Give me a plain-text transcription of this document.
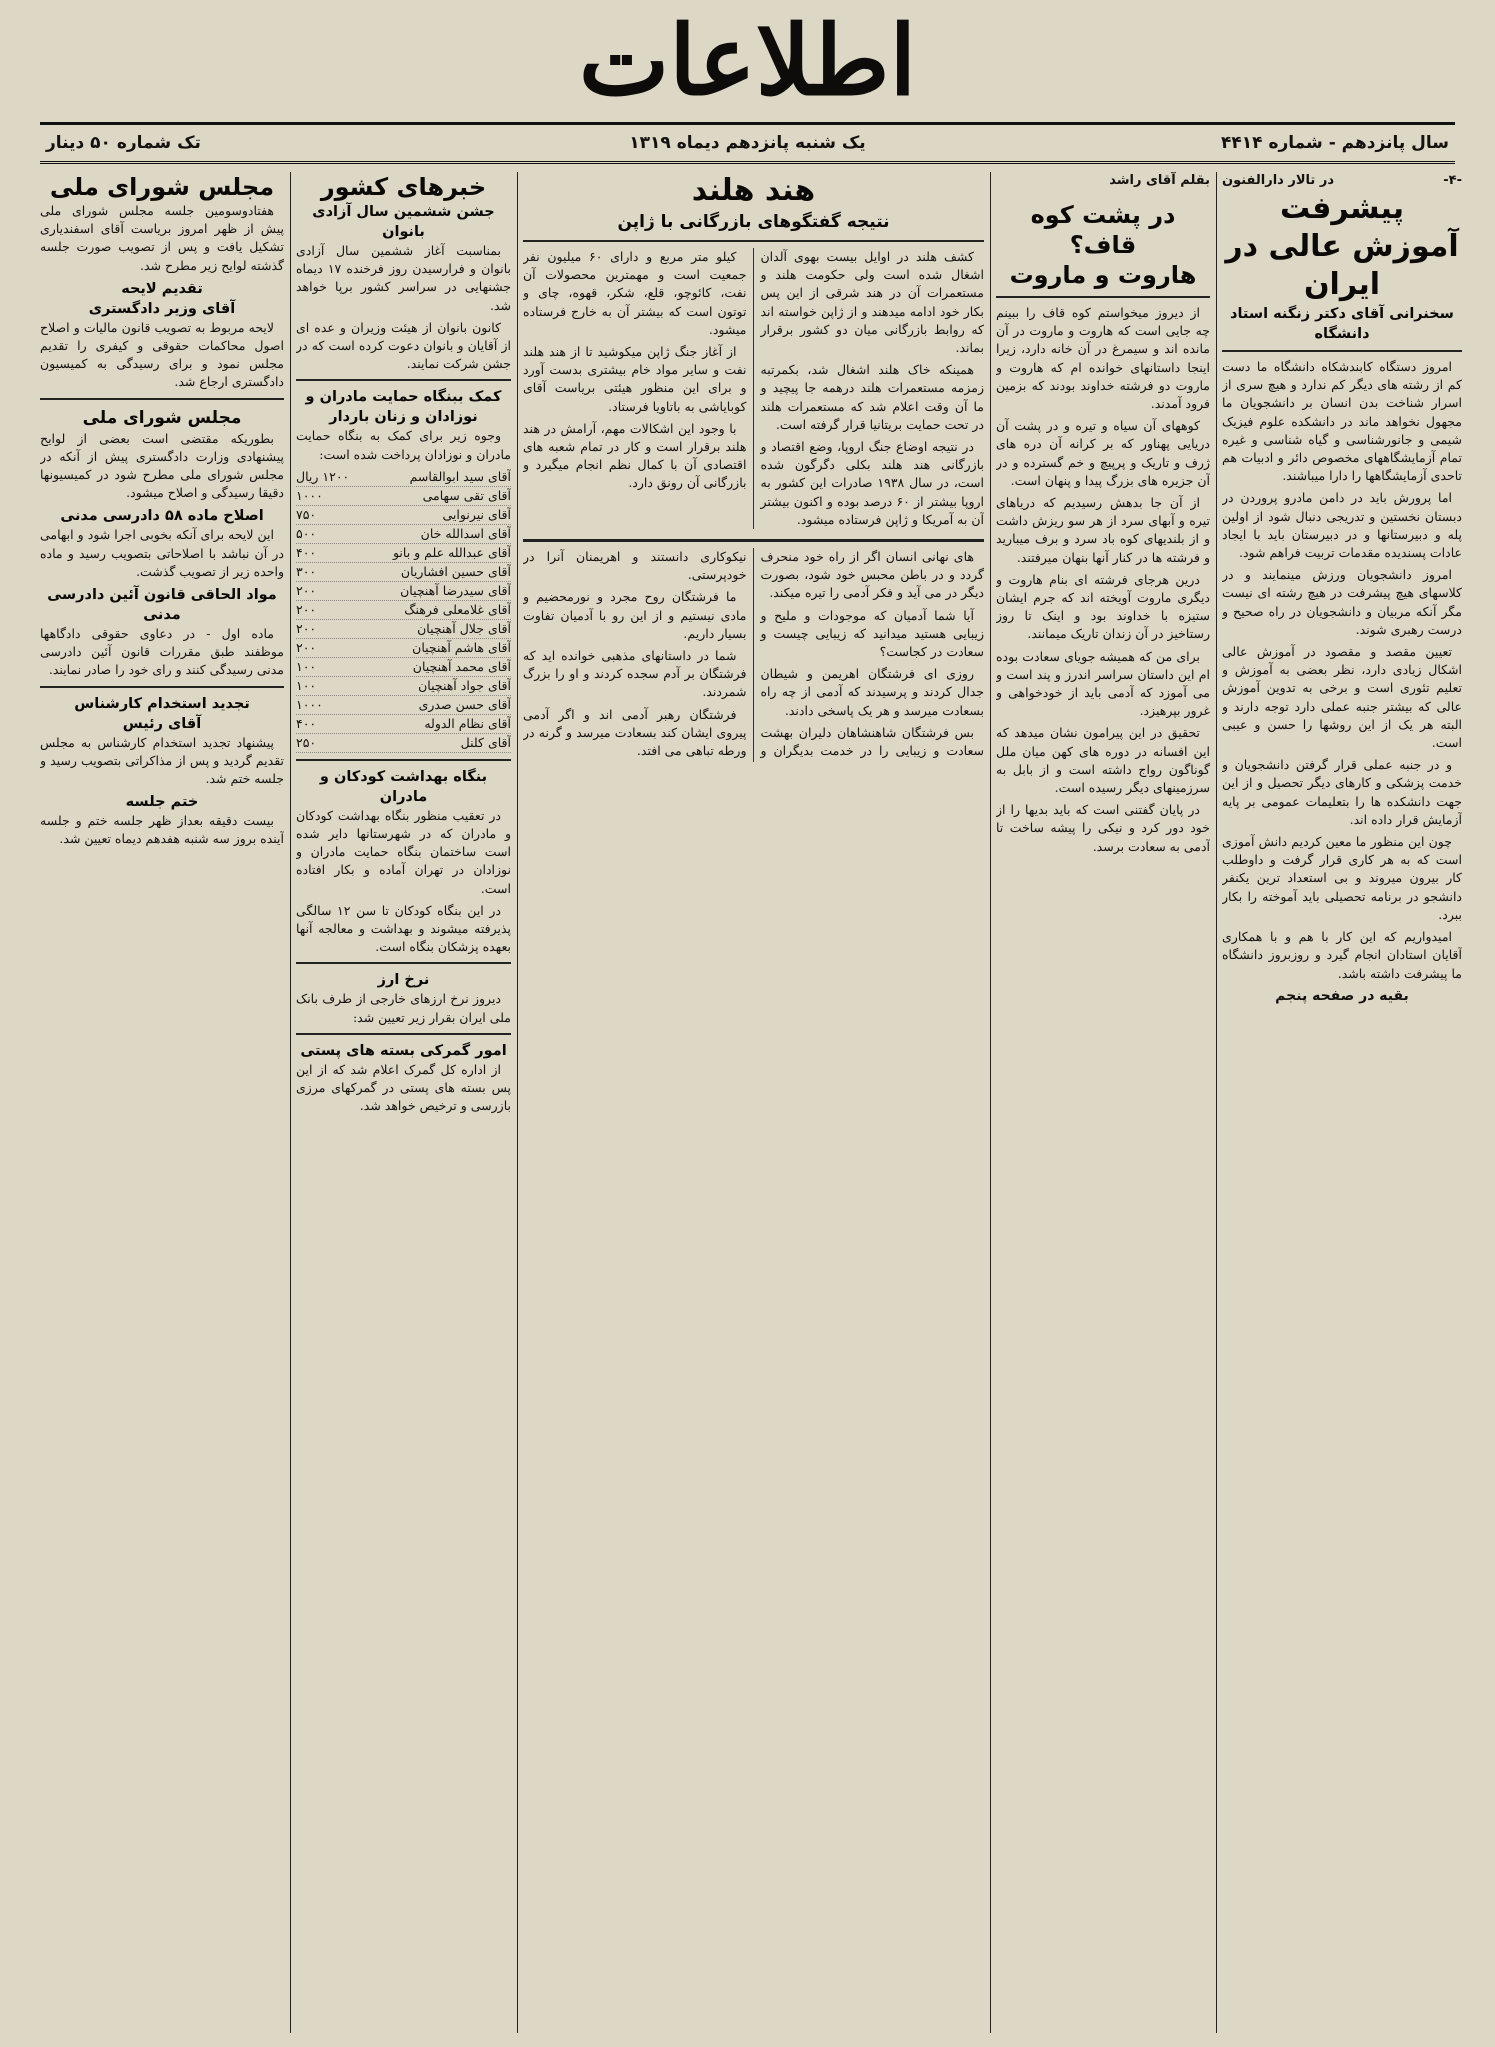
اطلاعات
سال پانزدهم - شماره ۴۴۱۴
یک شنبه پانزدهم دیماه ۱۳۱۹
تک شماره ۵۰ دینار
-۴-
در تالار دارالفنون
پیشرفت آموزش عالی در ایران
سخنرانی آقای دکتر زنگنه استاد دانشگاه

امروز دستگاه کابندشکاه دانشگاه ما دست کم از رشته های دیگر کم ندارد و هیچ سری از اسرار شناخت بدن انسان بر دانشجویان ما مجهول نخواهد ماند در دانشکده علوم فیزیک شیمی و جانورشناسی و گیاه شناسی و غیره تمام آزمایشگاههای مخصوص دائر و ادبیات هم تاحدی آزمایشگاهها را دارا میباشند.

اما پرورش باید در دامن مادرو پروردن در دبستان نخستین و تدریجی دنبال شود از اولین پله و دبیرستانها و در دبیرستان باید با ایجاد عادات پسندیده مقدمات تربیت فراهم شود.

امروز دانشجویان ورزش مینمایند و در کلاسهای هیچ پیشرفت در هیچ رشته ای نیست مگر آنکه مربیان و دانشجویان در راه صحیح و درست رهبری شوند.

تعیین مقصد و مقصود در آموزش عالی اشکال زیادی دارد، نظر بعضی به آموزش و تعلیم تئوری است و برخی به تدوین آموزش عالی که بیشتر جنبه عملی دارد توجه دارند و البته هر یک از این روشها را حسن و عیبی است.

و در جنبه عملی قرار گرفتن دانشجویان و خدمت پزشکی و کارهای دیگر تحصیل و از این جهت دانشکده ها را بتعلیمات عمومی بر پایه آزمایش قرار داده اند.

چون این منظور ما معین کردیم دانش آموزی است که به هر کاری قرار گرفت و داوطلب کار بیرون میروند و بی استعداد ترین یکنفر دانشجو در برنامه تحصیلی باید آموخته را بکار ببرد.

امیدواریم که این کار با هم و با همکاری آقایان استادان انجام گیرد و روزبروز دانشگاه ما پیشرفت داشته باشد.

بقیه در صفحه پنجم
بقلم آقای راشد
در پشت کوه قاف؟
هاروت و ماروت

از دیروز میخواستم کوه قاف را ببینم چه جایی است که هاروت و ماروت در آن مانده اند و سیمرغ در آن خانه دارد، زیرا اینجا داستانهای خوانده ام که هاروت و ماروت دو فرشته خداوند بودند که بزمین فرود آمدند.

کوههای آن سیاه و تیره و در پشت آن دریایی پهناور که بر کرانه آن دره های ژرف و تاریک و پرپیچ و خم گسترده و در آن جزیره های بزرگ پیدا و پنهان است.

از آن جا بدهش رسیدیم که دریاهای تیره و آبهای سرد از هر سو ریزش داشت و از بلندیهای کوه باد سرد و برف میبارید و فرشته ها در کنار آنها بنهان میرفتند.

درین هرجای فرشته ای بنام هاروت و دیگری ماروت آویخته اند که جرم ایشان ستیزه با خداوند بود و اینک تا روز رستاخیز در آن زندان تاریک میمانند.

برای من که همیشه جویای سعادت بوده ام این داستان سراسر اندرز و پند است و می آموزد که آدمی باید از خودخواهی و غرور بپرهیزد.

تحقیق در این پیرامون نشان میدهد که این افسانه در دوره های کهن میان ملل گوناگون رواج داشته است و از بابل به سرزمینهای دیگر رسیده است.

در پایان گفتنی است که باید بدیها را از خود دور کرد و نیکی را پیشه ساخت تا آدمی به سعادت برسد.

هند هلند
نتیجه گفتگوهای بازرگانی با ژاپن

کشف هلند در اوایل بیست بهوی آلدان اشغال شده است ولی حکومت هلند و مستعمرات آن در هند شرقی از این پس بکار خود ادامه میدهند و از ژاپن خواسته اند که روابط بازرگانی میان دو کشور برقرار بماند.

همینکه خاک هلند اشغال شد، بکمرتبه زمزمه مستعمرات هلند درهمه جا پیچید و ما آن وقت اعلام شد که مستعمرات هلند در تحت حمایت بریتانیا قرار گرفته است.

در نتیجه اوضاع جنگ اروپا، وضع اقتصاد و بازرگانی هند هلند بکلی دگرگون شده است، در سال ۱۹۳۸ صادرات این کشور به اروپا بیشتر از ۶۰ درصد بوده و اکنون بیشتر آن به آمریکا و ژاپن فرستاده میشود.

کیلو متر مربع و دارای ۶۰ میلیون نفر جمعیت است و مهمترین محصولات آن نفت، کائوچو، قلع، شکر، قهوه، چای و توتون است که بیشتر آن به خارج فرستاده میشود.

از آغاز جنگ ژاپن میکوشید تا از هند هلند نفت و سایر مواد خام بیشتری بدست آورد و برای این منظور هیئتی بریاست آقای کوبایاشی به باتاویا فرستاد.

با وجود این اشکالات مهم، آرامش در هند هلند برقرار است و کار در تمام شعبه های اقتصادی آن با کمال نظم انجام میگیرد و بازرگانی آن رونق دارد.

های نهانی انسان اگر از راه خود منحرف گردد و در باطن محبس خود شود، بصورت دیگر در می آید و فکر آدمی را تیره میکند.

آیا شما آدمیان که موجودات و ملیح و زیبایی هستید میدانید که زیبایی چیست و سعادت در کجاست؟

روزی ای فرشتگان اهریمن و شیطان جدال کردند و پرسیدند که آدمی از چه راه بسعادت میرسد و هر یک پاسخی دادند.

بس فرشتگان شاهنشاهان دلیران بهشت سعادت و زیبایی را در خدمت بدیگران و نیکوکاری دانستند و اهریمنان آنرا در خودپرستی.

ما فرشتگان روح مجرد و نورمحضیم و مادی نیستیم و از این رو با آدمیان تفاوت بسیار داریم.

شما در داستانهای مذهبی خوانده اید که فرشتگان بر آدم سجده کردند و او را بزرگ شمردند.

فرشتگان رهبر آدمی اند و اگر آدمی پیروی ایشان کند بسعادت میرسد و گرنه در ورطه تباهی می افتد.

خبرهای کشور
جشن ششمین سال آزادی بانوان

بمناسبت آغاز ششمین سال آزادی بانوان و فرارسیدن روز فرخنده ۱۷ دیماه جشنهایی در سراسر کشور برپا خواهد شد.

کانون بانوان از هیئت وزیران و عده ای از آقایان و بانوان دعوت کرده است که در جشن شرکت نمایند.

کمک ببنگاه حمایت مادران و نوزادان و زنان باردار

وجوه زیر برای کمک به بنگاه حمایت مادران و نوزادان پرداخت شده است:

آقای سید ابوالقاسم
۱۲۰۰ ریال
آقای تقی سهامی
۱۰۰۰
آقای نیرنوایی
۷۵۰
آقای اسدالله خان
۵۰۰
آقای عبدالله علم و بانو
۴۰۰
آقای حسین افشاریان
۳۰۰
آقای سیدرضا آهنچیان
۲۰۰
آقای غلامعلی فرهنگ
۲۰۰
آقای جلال آهنچیان
۲۰۰
آقای هاشم آهنچیان
۲۰۰
آقای محمد آهنچیان
۱۰۰
آقای جواد آهنچیان
۱۰۰
آقای حسن صدری
۱۰۰۰
آقای نظام الدوله
۴۰۰
آقای کلنل
۲۵۰
بنگاه بهداشت کودکان و مادران

در تعقیب منظور بنگاه بهداشت کودکان و مادران که در شهرستانها دایر شده است ساختمان بنگاه حمایت مادران و نوزادان در تهران آماده و بکار افتاده است.

در این بنگاه کودکان تا سن ۱۲ سالگی پذیرفته میشوند و بهداشت و معالجه آنها بعهده پزشکان بنگاه است.

نرخ ارز

دیروز نرخ ارزهای خارجی از طرف بانک ملی ایران بقرار زیر تعیین شد:

امور گمرکی بسته های پستی

از اداره کل گمرک اعلام شد که از این پس بسته های پستی در گمرکهای مرزی بازرسی و ترخیص خواهد شد.

مجلس شورای ملی

هفتادوسومین جلسه مجلس شورای ملی پیش از ظهر امروز بریاست آقای اسفندیاری تشکیل یافت و پس از تصویب صورت جلسه گذشته لوایح زیر مطرح شد.

تقدیم لایحه
آقای وزیر دادگستری

لایحه مربوط به تصویب قانون مالیات و اصلاح اصول محاکمات حقوقی و کیفری را تقدیم مجلس نمود و برای رسیدگی به کمیسیون دادگستری ارجاع شد.

مجلس شورای ملی

بطوریکه مقتضی است بعضی از لوایح پیشنهادی وزارت دادگستری پیش از آنکه در مجلس شورای ملی مطرح شود در کمیسیونها دقیقا رسیدگی و اصلاح میشود.

اصلاح ماده ۵۸ دادرسی مدنی

این لایحه برای آنکه بخوبی اجرا شود و ابهامی در آن نباشد با اصلاحاتی بتصویب رسید و ماده واحده زیر از تصویب گذشت.

مواد الحاقی قانون آئین دادرسی مدنی

ماده اول - در دعاوی حقوقی دادگاهها موظفند طبق مقررات قانون آئین دادرسی مدنی رسیدگی کنند و رای خود را صادر نمایند.

تجدید استخدام کارشناس
آقای رئیس

پیشنهاد تجدید استخدام کارشناس به مجلس تقدیم گردید و پس از مذاکراتی بتصویب رسید و جلسه ختم شد.

ختم جلسه

بیست دقیقه بعداز ظهر جلسه ختم و جلسه آینده بروز سه شنبه هفدهم دیماه تعیین شد.
